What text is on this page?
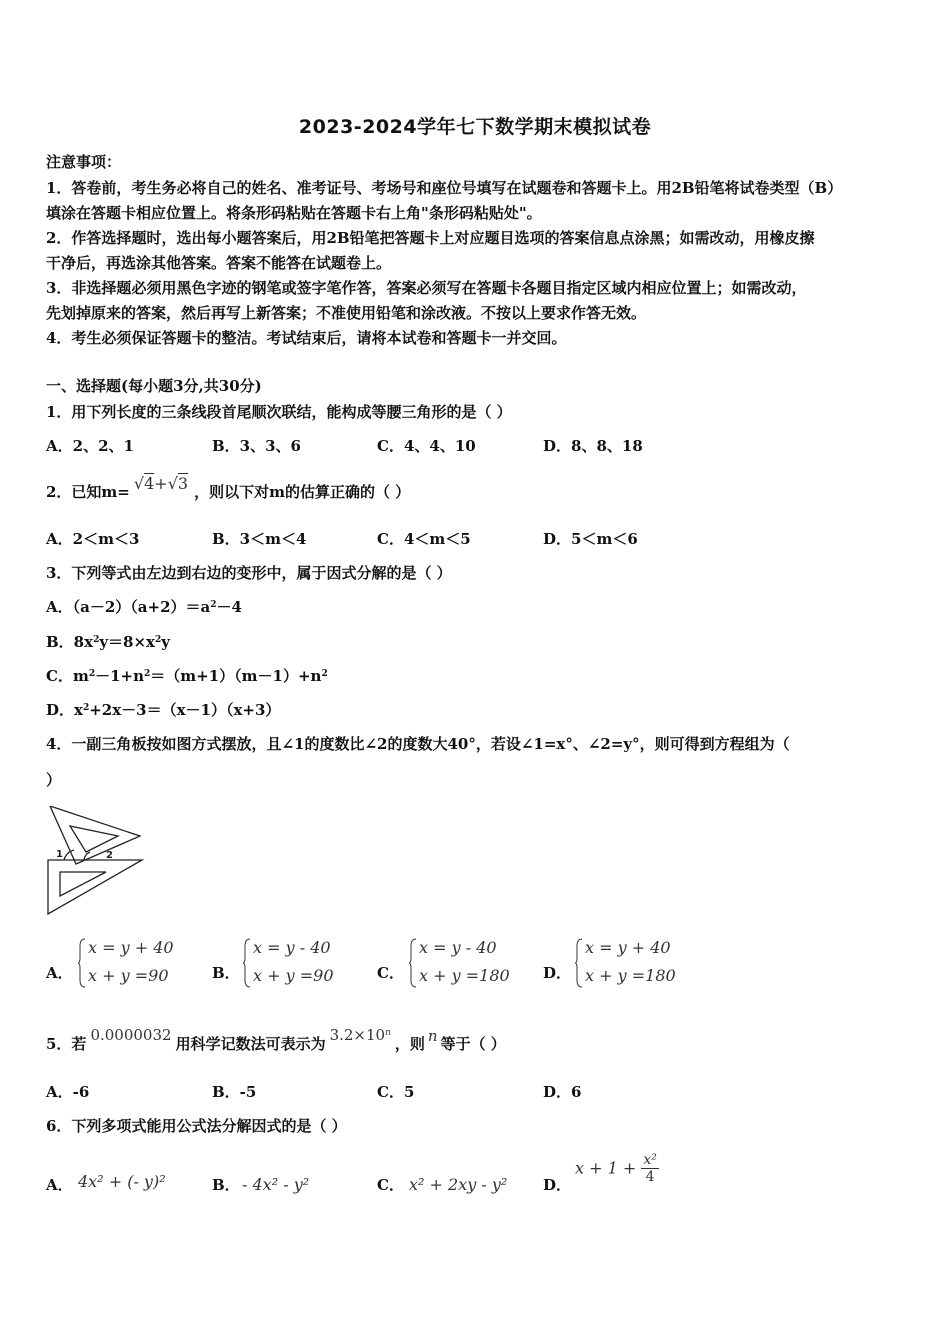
2023-2024学年七下数学期末模拟试卷
注意事项：
1．答卷前，考生务必将自己的姓名、准考证号、考场号和座位号填写在试题卷和答题卡上。用2B铅笔将试卷类型（B）
填涂在答题卡相应位置上。将条形码粘贴在答题卡右上角"条形码粘贴处"。
2．作答选择题时，选出每小题答案后，用2B铅笔把答题卡上对应题目选项的答案信息点涂黑；如需改动，用橡皮擦
干净后，再选涂其他答案。答案不能答在试题卷上。
3．非选择题必须用黑色字迹的钢笔或签字笔作答，答案必须写在答题卡各题目指定区域内相应位置上；如需改动，
先划掉原来的答案，然后再写上新答案；不准使用铅笔和涂改液。不按以上要求作答无效。
4．考生必须保证答题卡的整洁。考试结束后，请将本试卷和答题卡一并交回。
一、选择题(每小题3分,共30分)
1．用下列长度的三条线段首尾顺次联结，能构成等腰三角形的是（ ）
A．2、2、1	B．3、3、6	C．4、4、10	D．8、8、18
2．已知m= √4+√3 ，则以下对m的估算正确的（ ）
A．2＜m＜3	B．3＜m＜4	C．4＜m＜5	D．5＜m＜6
3．下列等式由左边到右边的变形中，属于因式分解的是（ ）
A．$(a-2)(a+2)=a^2-4$
B．$8x^2y=8\times x^2y$
C．$m^2-1+n^2=(m+1)(m-1)+n^2$
D．$x^2+2x-3=(x-1)(x+3)$
4．一副三角板按如图方式摆放，且∠1的度数比∠2的度数大40°，若设∠1=x°、∠2=y°，则可得到方程组为（
）
1	2
A．
x = y + 40
x + y =90	B．
x = y - 40
x + y =90	C．
x = y - 40
x + y =180 D．
x = y + 40
x + y =180
5．若 0.0000032 用科学记数法可表示为 $3.2\times 10^n$，则 n 等于（ ）
A．-6	B．-5	C．5	D．6
6．下列多项式能用公式法分解因式的是（ ）
A． 4x² + (- y)²	B． - 4x² - y²	C． x² + 2xy - y² D．
$x + 1 + \frac{\text{x²}}{4}$
